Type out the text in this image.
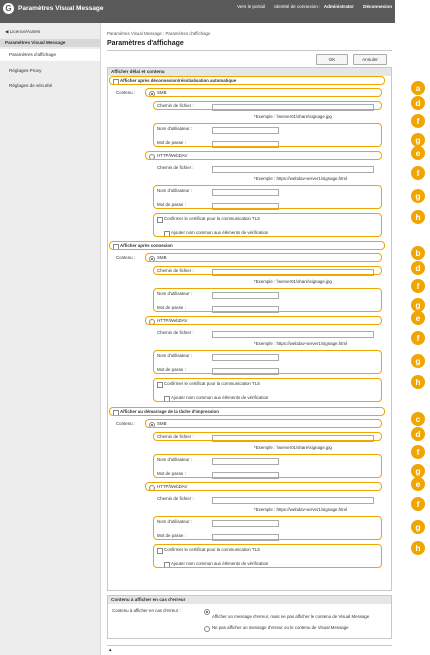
G Paramètres Visual Message	Vers le portail Identité de connexion : Administrator Déconnexion
◀ Licence/Autres
Paramètres Visual Message
Paramètres d'affichage
Réglages Proxy
Réglages de sécurité
Paramètres Visual Message : Paramètres d'affichage
Paramètres d'affichage
OK	Annuler
Afficher délai et contenu
Afficher après déconnexion/réinitialisation automatique
Contenu :	SMB
Chemin de fichier :
*Exemple : \\server01\share\signage.jpg
Nom d'utilisateur :
Mot de passe :
HTTP/WebDAV
Chemin de fichier :
*Exemple : https://webdav-server1/signage.html
Nom d'utilisateur :
Mot de passe :
Confirmer le certificat pour la communication TLS
Ajouter nom commun aux éléments de vérification
Afficher après connexion
Contenu :	SMB
Chemin de fichier :
*Exemple : \\server01\share\signage.jpg
Nom d'utilisateur :
Mot de passe :
HTTP/WebDAV
Chemin de fichier :
*Exemple : https://webdav-server1/signage.html
Nom d'utilisateur :
Mot de passe :
Confirmer le certificat pour la communication TLS
Ajouter nom commun aux éléments de vérification
Afficher au démarrage de la tâche d'impression
Contenu :	SMB
Chemin de fichier :
*Exemple : \\server01\share\signage.jpg
Nom d'utilisateur :
Mot de passe :
HTTP/WebDAV
Chemin de fichier :
*Exemple : https://webdav-server1/signage.html
Nom d'utilisateur :
Mot de passe :
Confirmer le certificat pour la communication TLS
Ajouter nom commun aux éléments de vérification
Contenu à afficher en cas d'erreur
Contenu à afficher en cas d'erreur :
Afficher un message d'erreur, mais ne pas afficher le contenu de Visual Message
Ne pas afficher un message d'erreur ou le contenu de Visual Message
▲
a
d
f
g
e
f
g
h
b
d
f
g
e
f
g
h
c
d
f
g
e
f
g
h
